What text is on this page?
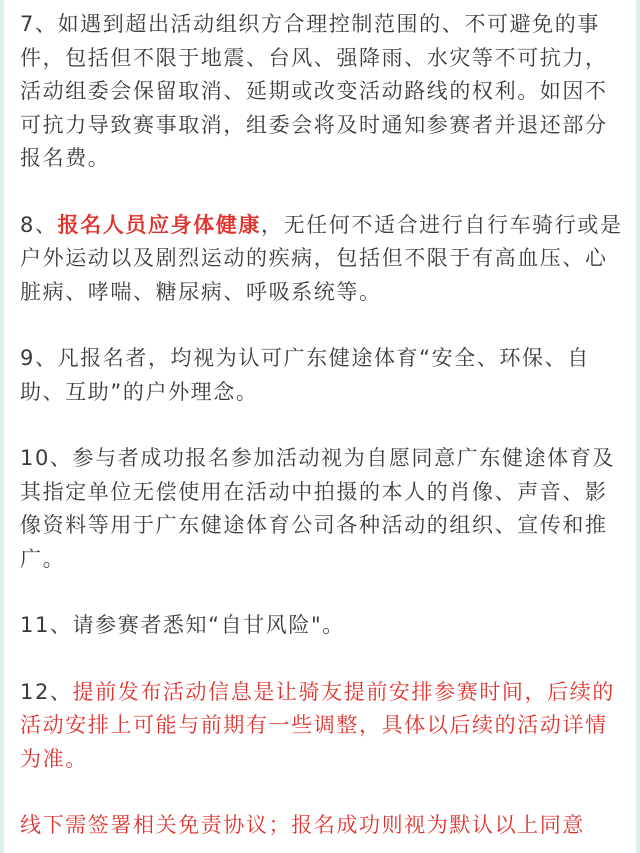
7、如遇到超出活动组织方合理控制范围的、不可避免的事件，包括但不限于地震、台风、强降雨、水灾等不可抗力，活动组委会保留取消、延期或改变活动路线的权利。如因不可抗力导致赛事取消，组委会将及时通知参赛者并退还部分报名费。

8、报名人员应身体健康，无任何不适合进行自行车骑行或是户外运动以及剧烈运动的疾病，包括但不限于有高血压、心脏病、哮喘、糖尿病、呼吸系统等。

9、凡报名者，均视为认可广东健途体育“安全、环保、自助、互助”的户外理念。

10、参与者成功报名参加活动视为自愿同意广东健途体育及其指定单位无偿使用在活动中拍摄的本人的肖像、声音、影像资料等用于广东健途体育公司各种活动的组织、宣传和推广。

11、请参赛者悉知“自甘风险"。

12、提前发布活动信息是让骑友提前安排参赛时间，后续的活动安排上可能与前期有一些调整，具体以后续的活动详情为准。

线下需签署相关免责协议；报名成功则视为默认以上同意
